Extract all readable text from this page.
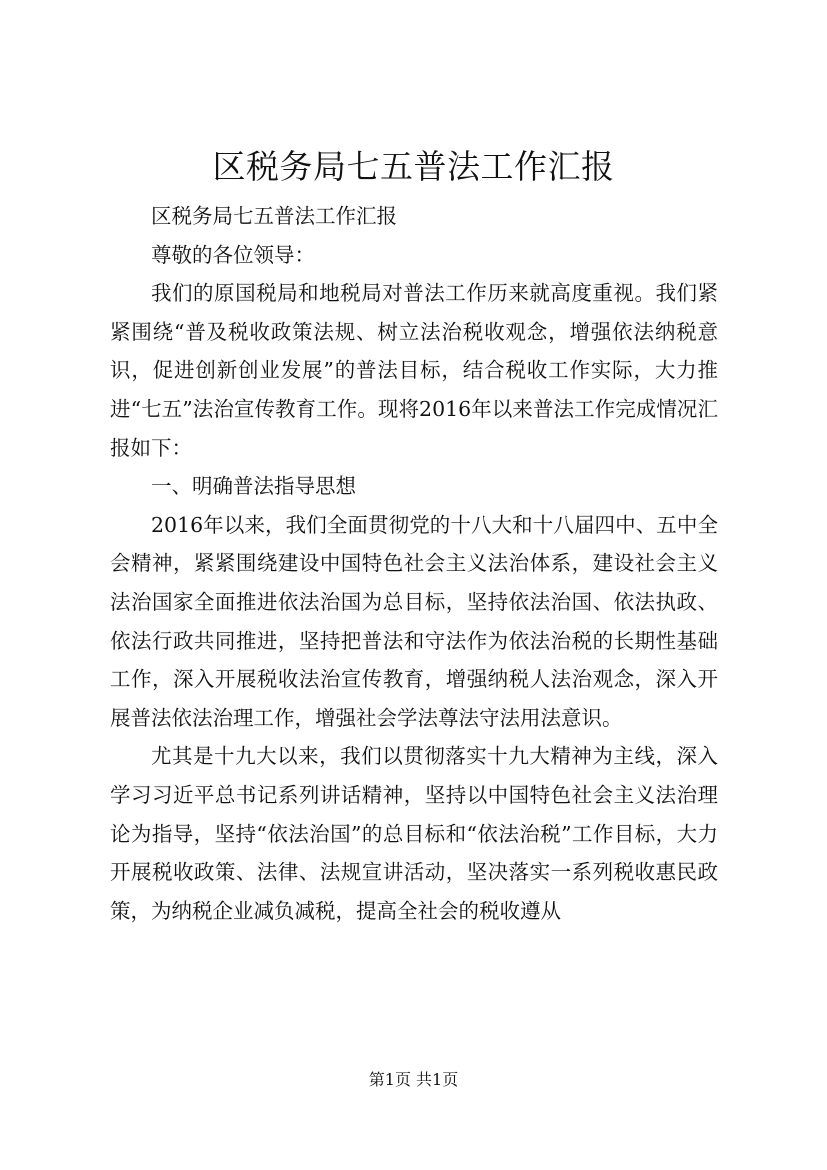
区税务局七五普法工作汇报

区税务局七五普法工作汇报

尊敬的各位领导：

我们的原国税局和地税局对普法工作历来就高度重视。我们紧紧围绕“普及税收政策法规、树立法治税收观念，增强依法纳税意识，促进创新创业发展”的普法目标，结合税收工作实际，大力推进“七五”法治宣传教育工作。现将2016年以来普法工作完成情况汇报如下：

一、明确普法指导思想

2016年以来，我们全面贯彻党的十八大和十八届四中、五中全会精神，紧紧围绕建设中国特色社会主义法治体系，建设社会主义法治国家全面推进依法治国为总目标，坚持依法治国、依法执政、依法行政共同推进，坚持把普法和守法作为依法治税的长期性基础工作，深入开展税收法治宣传教育，增强纳税人法治观念，深入开展普法依法治理工作，增强社会学法尊法守法用法意识。

尤其是十九大以来，我们以贯彻落实十九大精神为主线，深入学习习近平总书记系列讲话精神，坚持以中国特色社会主义法治理论为指导，坚持“依法治国”的总目标和“依法治税”工作目标，大力开展税收政策、法律、法规宣讲活动，坚决落实一系列税收惠民政策，为纳税企业减负减税，提高全社会的税收遵从

第1页 共1页
